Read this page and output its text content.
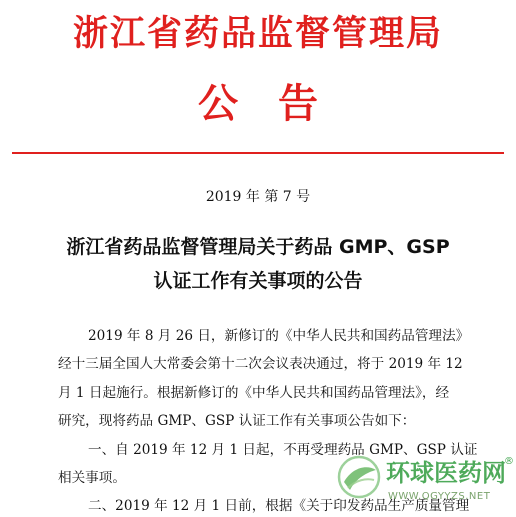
浙江省药品监督管理局
公告
2019 年 第 7 号
浙江省药品监督管理局关于药品 GMP、GSP
认证工作有关事项的公告
2019 年 8 月 26 日，新修订的《中华人民共和国药品管理法》
经十三届全国人大常委会第十二次会议表决通过，将于 2019 年 12
月 1 日起施行。根据新修订的《中华人民共和国药品管理法》，经
研究，现将药品 GMP、GSP 认证工作有关事项公告如下：
一、自 2019 年 12 月 1 日起，不再受理药品 GMP、GSP 认证
相关事项。
二、2019 年 12 月 1 日前，根据《关于印发药品生产质量管理
环球医药网
®
WWW.QGYYZS.NET
